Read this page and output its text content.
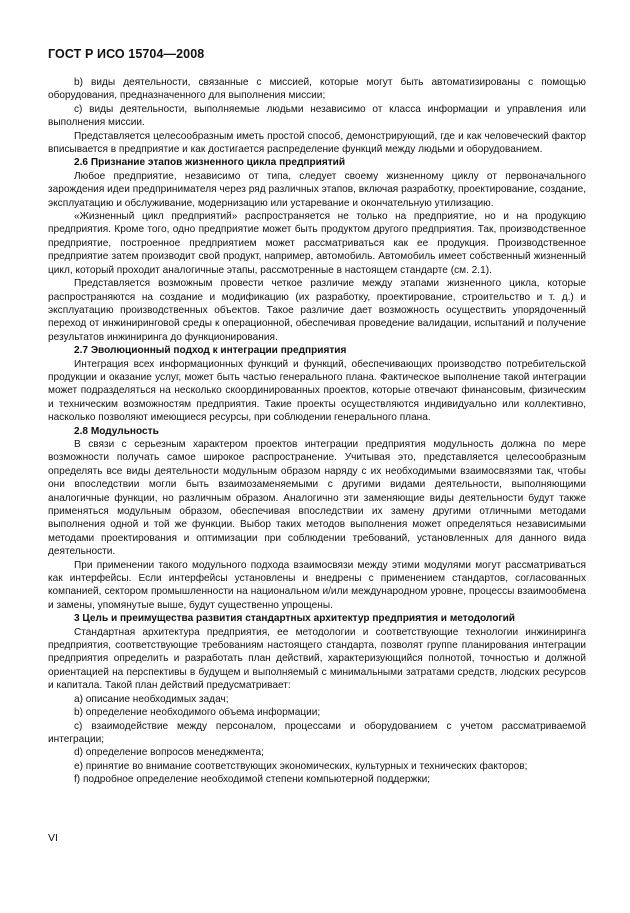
ГОСТ Р ИСО 15704—2008

b) виды деятельности, связанные с миссией, которые могут быть автоматизированы с помощью оборудования, предназначенного для выполнения миссии;

c) виды деятельности, выполняемые людьми независимо от класса информации и управления или выполнения миссии.

Представляется целесообразным иметь простой способ, демонстрирующий, где и как человеческий фактор вписывается в предприятие и как достигается распределение функций между людьми и оборудованием.

2.6 Признание этапов жизненного цикла предприятий

Любое предприятие, независимо от типа, следует своему жизненному циклу от первоначального зарождения идеи предпринимателя через ряд различных этапов, включая разработку, проектирование, создание, эксплуатацию и обслуживание, модернизацию или устаревание и окончательную утилизацию.

«Жизненный цикл предприятий» распространяется не только на предприятие, но и на продукцию предприятия. Кроме того, одно предприятие может быть продуктом другого предприятия. Так, производственное предприятие, построенное предприятием может рассматриваться как ее продукция. Производственное предприятие затем производит свой продукт, например, автомобиль. Автомобиль имеет собственный жизненный цикл, который проходит аналогичные этапы, рассмотренные в настоящем стандарте (см. 2.1).

Представляется возможным провести четкое различие между этапами жизненного цикла, которые распространяются на создание и модификацию (их разработку, проектирование, строительство и т. д.) и эксплуатацию производственных объектов. Такое различие дает возможность осуществить упорядоченный переход от инжиниринговой среды к операционной, обеспечивая проведение валидации, испытаний и получение результатов инжиниринга до функционирования.

2.7 Эволюционный подход к интеграции предприятия

Интеграция всех информационных функций и функций, обеспечивающих производство потребительской продукции и оказание услуг, может быть частью генерального плана. Фактическое выполнение такой интеграции может подразделяться на несколько скоординированных проектов, которые отвечают финансовым, физическим и техническим возможностям предприятия. Такие проекты осуществляются индивидуально или коллективно, насколько позволяют имеющиеся ресурсы, при соблюдении генерального плана.

2.8 Модульность

В связи с серьезным характером проектов интеграции предприятия модульность должна по мере возможности получать самое широкое распространение. Учитывая это, представляется целесообразным определять все виды деятельности модульным образом наряду с их необходимыми взаимосвязями так, чтобы они впоследствии могли быть взаимозаменяемыми с другими видами деятельности, выполняющими аналогичные функции, но различным образом. Аналогично эти заменяющие виды деятельности будут также применяться модульным образом, обеспечивая впоследствии их замену другими отличными методами выполнения одной и той же функции. Выбор таких методов выполнения может определяться независимыми методами проектирования и оптимизации при соблюдении требований, установленных для данного вида деятельности.

При применении такого модульного подхода взаимосвязи между этими модулями могут рассматриваться как интерфейсы. Если интерфейсы установлены и внедрены с применением стандартов, согласованных компанией, сектором промышленности на национальном и/или международном уровне, процессы взаимообмена и замены, упомянутые выше, будут существенно упрощены.

3 Цель и преимущества развития стандартных архитектур предприятия и методологий

Стандартная архитектура предприятия, ее методологии и соответствующие технологии инжиниринга предприятия, соответствующие требованиям настоящего стандарта, позволят группе планирования интеграции предприятия определить и разработать план действий, характеризующийся полнотой, точностью и должной ориентацией на перспективы в будущем и выполняемый с минимальными затратами средств, людских ресурсов и капитала. Такой план действий предусматривает:

a) описание необходимых задач;

b) определение необходимого объема информации;

c) взаимодействие между персоналом, процессами и оборудованием с учетом рассматриваемой интеграции;

d) определение вопросов менеджмента;

e) принятие во внимание соответствующих экономических, культурных и технических факторов;

f) подробное определение необходимой степени компьютерной поддержки;

VI
